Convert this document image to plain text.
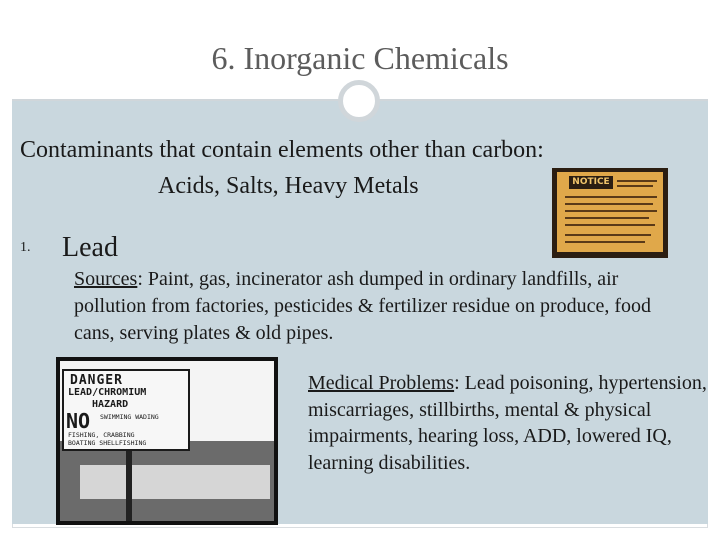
6. Inorganic Chemicals
Contaminants that contain elements other than carbon:
Acids, Salts, Heavy Metals	NOTICE
1. Lead
Sources: Paint, gas, incinerator ash dumped in ordinary landfills, air pollution from factories, pesticides & fertilizer residue on produce, food cans, serving plates & old pipes.
DANGER
LEAD/CHROMIUM
HAZARD
NO SWIMMING WADING
FISHING, CRABBING
BOATING SHELLFISHING
Medical Problems: Lead poisoning, hypertension, miscarriages, stillbirths, mental & physical impairments, hearing loss, ADD, lowered IQ, learning disabilities.
